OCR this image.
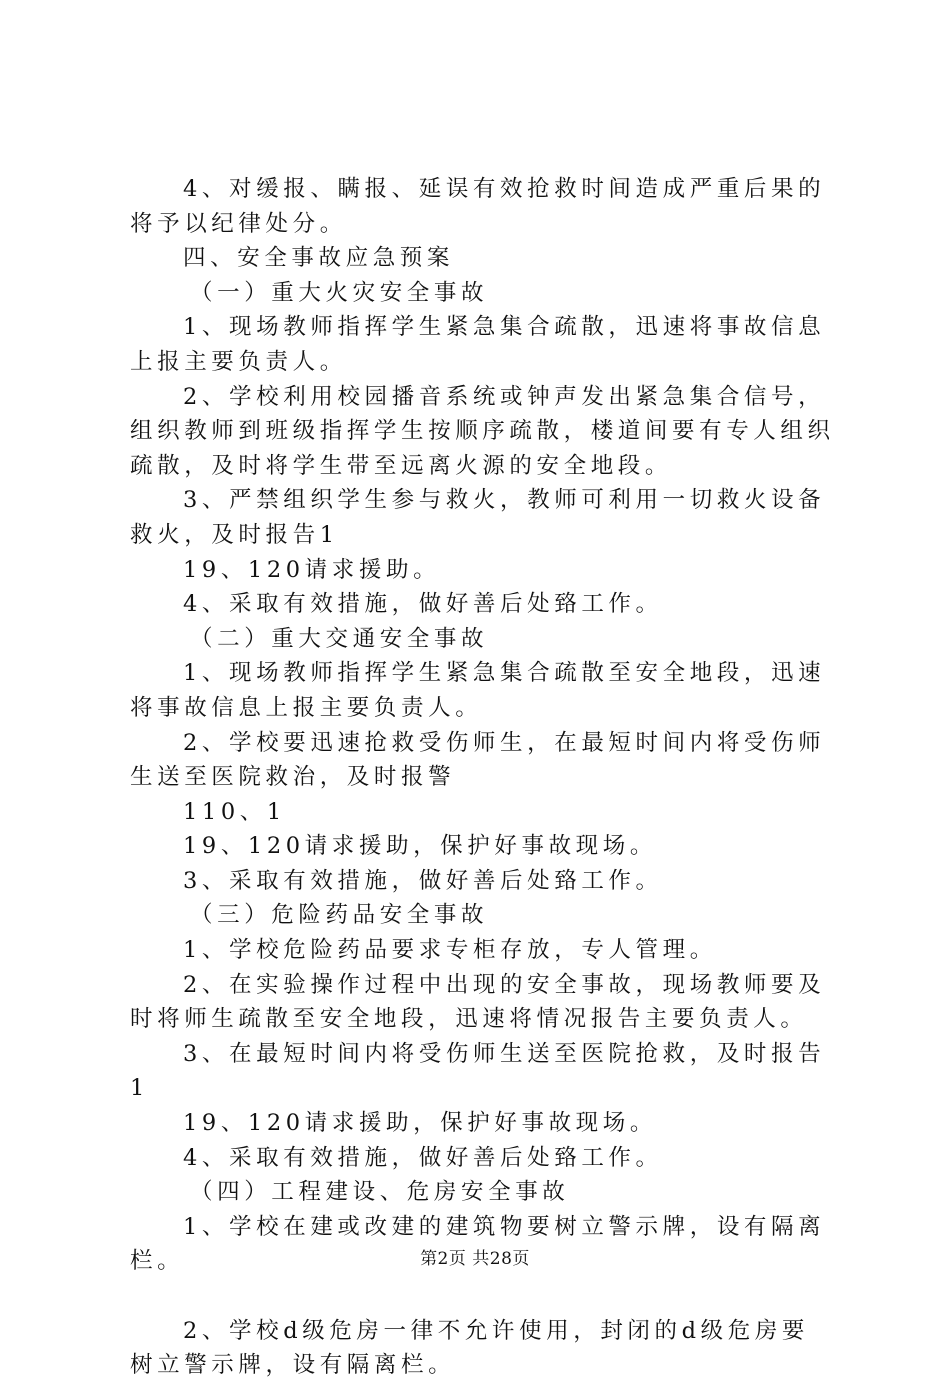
4、对缓报、瞒报、延误有效抢救时间造成严重后果的将予以纪律处分。

四、安全事故应急预案

（一）重大火灾安全事故

1、现场教师指挥学生紧急集合疏散，迅速将事故信息上报主要负责人。

2、学校利用校园播音系统或钟声发出紧急集合信号，组织教师到班级指挥学生按顺序疏散，楼道间要有专人组织疏散，及时将学生带至远离火源的安全地段。

3、严禁组织学生参与救火，教师可利用一切救火设备救火，及时报告1

19、120请求援助。

4、采取有效措施，做好善后处臵工作。

（二）重大交通安全事故

1、现场教师指挥学生紧急集合疏散至安全地段，迅速将事故信息上报主要负责人。

2、学校要迅速抢救受伤师生，在最短时间内将受伤师生送至医院救治，及时报警

110、1

19、120请求援助，保护好事故现场。

3、采取有效措施，做好善后处臵工作。

（三）危险药品安全事故

1、学校危险药品要求专柜存放，专人管理。

2、在实验操作过程中出现的安全事故，现场教师要及时将师生疏散至安全地段，迅速将情况报告主要负责人。

3、在最短时间内将受伤师生送至医院抢救，及时报告1

19、120请求援助，保护好事故现场。

4、采取有效措施，做好善后处臵工作。

（四）工程建设、危房安全事故

1、学校在建或改建的建筑物要树立警示牌，设有隔离栏。

2、学校d级危房一律不允许使用，封闭的d级危房要树立警示牌，设有隔离栏。

第2页 共28页
